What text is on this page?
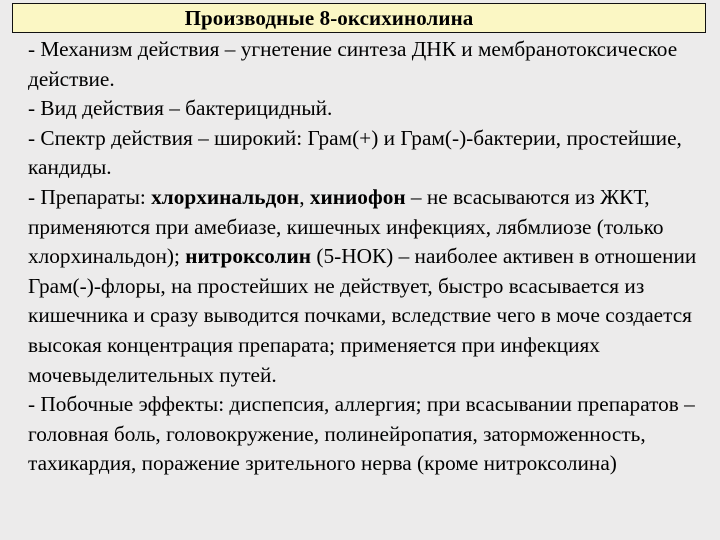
Производные 8-оксихинолина

- Механизм действия – угнетение синтеза ДНК и мембранотоксическое действие.

- Вид действия – бактерицидный.

- Спектр действия – широкий: Грам(+) и Грам(-)-бактерии, простейшие, кандиды.

- Препараты: хлорхинальдон, хиниофон – не всасываются из ЖКТ, применяются при амебиазе, кишечных инфекциях, лябмлиозе (только хлорхинальдон); нитроксолин (5-НОК) – наиболее активен в отношении Грам(-)-флоры, на простейших не действует, быстро всасывается из кишечника и сразу выводится почками, вследствие чего в моче создается высокая концентрация препарата; применяется при инфекциях мочевыделительных путей.

- Побочные эффекты: диспепсия, аллергия; при всасывании препаратов – головная боль, головокружение, полинейропатия, заторможенность, тахикардия, поражение зрительного нерва (кроме нитроксолина)
